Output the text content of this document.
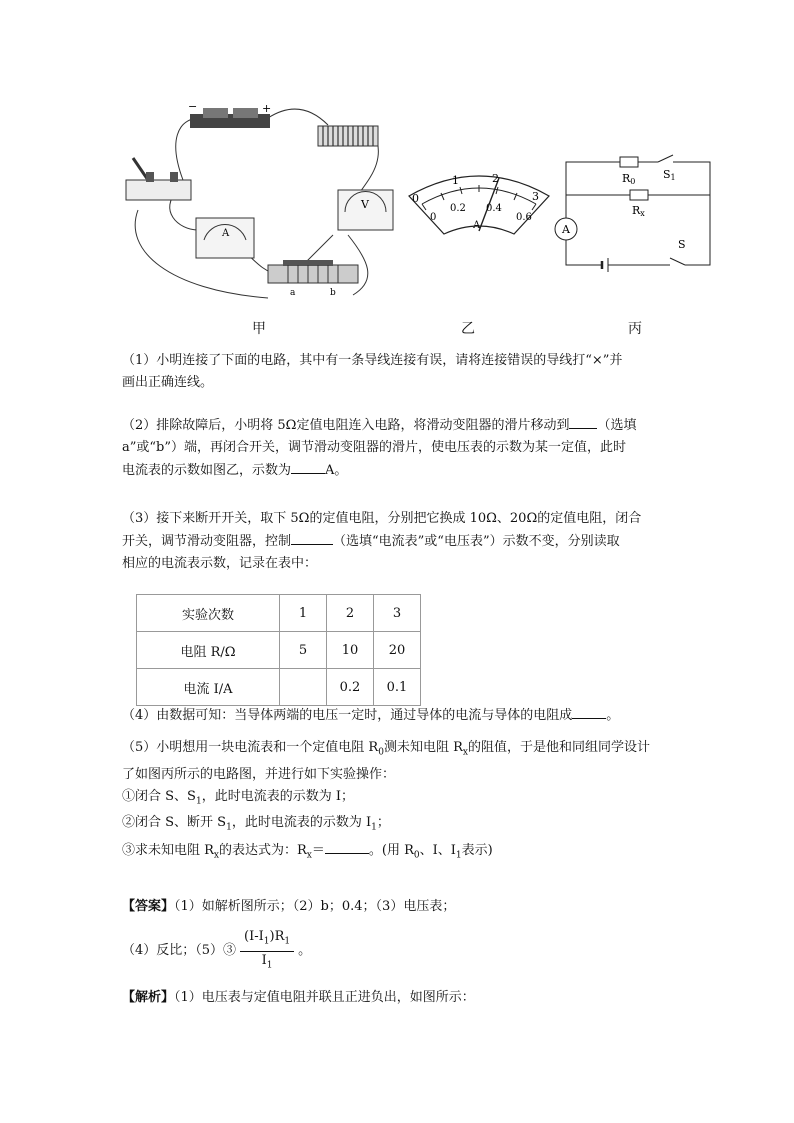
−	+
A
V
a	b
0
1	2
3
0
0.2 0.4
0.6
A
R0
S1
Rx
A
S
甲	乙	丙
（1）小明连接了下面的电路，其中有一条导线连接有误，请将连接错误的导线打“×”并
画出正确连线。
（2）排除故障后，小明将 5Ω定值电阻连入电路，将滑动变阻器的滑片移动到 （选填
a”或“b”）端，再闭合开关，调节滑动变阻器的滑片，使电压表的示数为某一定值，此时
电流表的示数如图乙，示数为	A。
（3）接下来断开开关，取下 5Ω的定值电阻，分别把它换成 10Ω、20Ω的定值电阻，闭合
开关，调节滑动变阻器，控制	（选填“电流表”或“电压表”）示数不变，分别读取
相应的电流表示数，记录在表中：
实验次数	1	2	3
电阻 R/Ω	5	10	20
电流 I/A		0.2	0.1
（4）由数据可知：当导体两端的电压一定时，通过导体的电流与导体的电阻成	。
（5）小明想用一块电流表和一个定值电阻 $R_0$测未知电阻 $R_x$的阻值，于是他和同组同学设计
了如图丙所示的电路图，并进行如下实验操作：
①闭合 S、$S_1$，此时电流表的示数为 I；
②闭合 S、断开 $S_1$，此时电流表的示数为 $I_1$；
③求未知电阻 $R_x$的表达式为：$R_x=$	。(用 $R_0$、I、$I_1$表示)
【答案】（1）如解析图所示；（2）b；0.4；（3）电压表；
（4）反比；（5）③ $\frac{(I-I_1)R_1}{I_1}$ 。
【解析】（1）电压表与定值电阻并联且正进负出，如图所示：
